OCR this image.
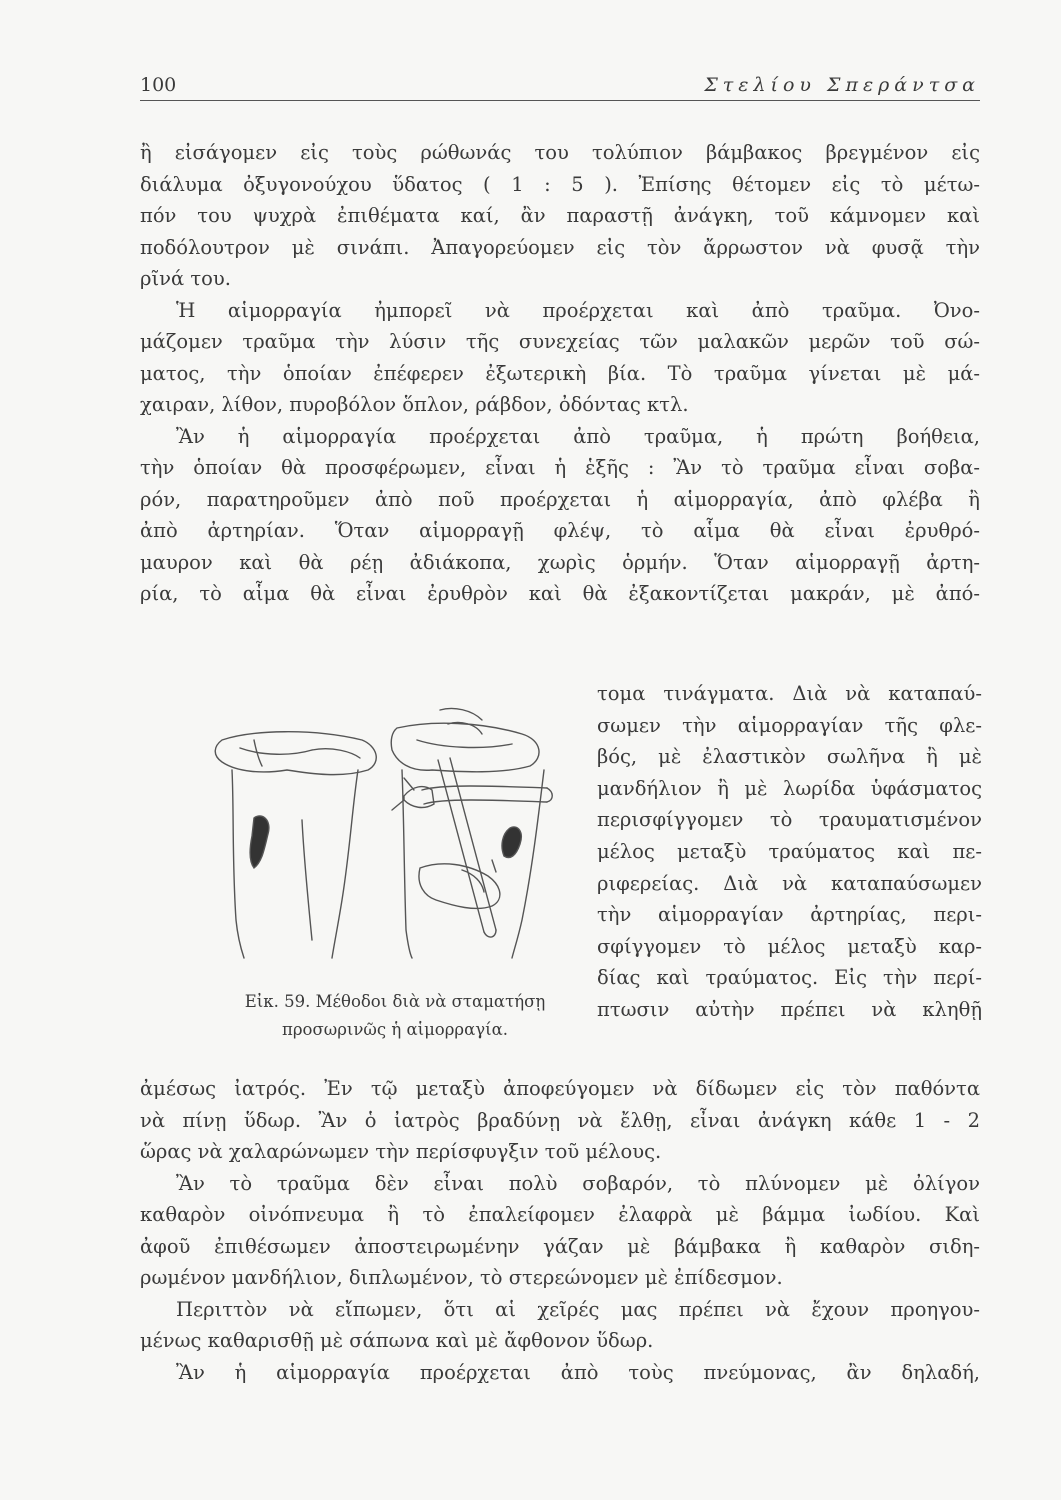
100	Στελίου Σπεράντσα
ἢ εἰσάγομεν εἰς τοὺς ρώθωνάς του τολύπιον βάμβακος βρεγμένον εἰς
διάλυμα ὀξυγονούχου ὕδατος ( 1 : 5 ). Ἐπίσης θέτομεν εἰς τὸ μέτω-
πόν του ψυχρὰ ἐπιθέματα καί, ἂν παραστῇ ἀνάγκη, τοῦ κάμνομεν καὶ
ποδόλουτρον μὲ σινάπι. Ἀπαγορεύομεν εἰς τὸν ἄρρωστον νὰ φυσᾷ τὴν
ρῖνά του.
Ἡ αἱμορραγία ἠμπορεῖ νὰ προέρχεται καὶ ἀπὸ τραῦμα. Ὀνο-
μάζομεν τραῦμα τὴν λύσιν τῆς συνεχείας τῶν μαλακῶν μερῶν τοῦ σώ-
ματος, τὴν ὁποίαν ἐπέφερεν ἐξωτερικὴ βία. Τὸ τραῦμα γίνεται μὲ μά-
χαιραν, λίθον, πυροβόλον ὅπλον, ράβδον, ὀδόντας κτλ.
Ἂν ἡ αἱμορραγία προέρχεται ἀπὸ τραῦμα, ἡ πρώτη βοήθεια,
τὴν ὁποίαν θὰ προσφέρωμεν, εἶναι ἡ ἑξῆς : Ἂν τὸ τραῦμα εἶναι σοβα-
ρόν, παρατηροῦμεν ἀπὸ ποῦ προέρχεται ἡ αἱμορραγία, ἀπὸ φλέβα ἢ
ἀπὸ ἀρτηρίαν. Ὅταν αἱμορραγῇ φλέψ, τὸ αἷμα θὰ εἶναι ἐρυθρό-
μαυρον καὶ θὰ ρέῃ ἀδιάκοπα, χωρὶς ὁρμήν. Ὅταν αἱμορραγῇ ἀρτη-
ρία, τὸ αἷμα θὰ εἶναι ἐρυθρὸν καὶ θὰ ἐξακοντίζεται μακράν, μὲ ἀπό-
τομα τινάγματα. Διὰ νὰ καταπαύ-
σωμεν τὴν αἱμορραγίαν τῆς φλε-
βός, μὲ ἐλαστικὸν σωλῆνα ἢ μὲ
μανδήλιον ἢ μὲ λωρίδα ὑφάσματος
περισφίγγομεν τὸ τραυματισμένον
μέλος μεταξὺ τραύματος καὶ πε-
ριφερείας. Διὰ νὰ καταπαύσωμεν
τὴν αἱμορραγίαν ἀρτηρίας, περι-
σφίγγομεν τὸ μέλος μεταξὺ καρ-
δίας καὶ τραύματος. Εἰς τὴν περί-
πτωσιν αὐτὴν πρέπει νὰ κληθῇ
Εἰκ. 59. Μέθοδοι διὰ νὰ σταματήσῃ
προσωρινῶς ἡ αἱμορραγία.
ἀμέσως ἰατρός. Ἐν τῷ μεταξὺ ἀποφεύγομεν νὰ δίδωμεν εἰς τὸν παθόντα
νὰ πίνῃ ὕδωρ. Ἂν ὁ ἰατρὸς βραδύνῃ νὰ ἔλθῃ, εἶναι ἀνάγκη κάθε 1 - 2
ὥρας νὰ χαλαρώνωμεν τὴν περίσφυγξιν τοῦ μέλους.
Ἂν τὸ τραῦμα δὲν εἶναι πολὺ σοβαρόν, τὸ πλύνομεν μὲ ὀλίγον
καθαρὸν οἰνόπνευμα ἢ τὸ ἐπαλείφομεν ἐλαφρὰ μὲ βάμμα ἰωδίου. Καὶ
ἀφοῦ ἐπιθέσωμεν ἀποστειρωμένην γάζαν μὲ βάμβακα ἢ καθαρὸν σιδη-
ρωμένον μανδήλιον, διπλωμένον, τὸ στερεώνομεν μὲ ἐπίδεσμον.
Περιττὸν νὰ εἴπωμεν, ὅτι αἱ χεῖρές μας πρέπει νὰ ἔχουν προηγου-
μένως καθαρισθῇ μὲ σάπωνα καὶ μὲ ἄφθονον ὕδωρ.
Ἂν ἡ αἱμορραγία προέρχεται ἀπὸ τοὺς πνεύμονας, ἂν δηλαδή,
